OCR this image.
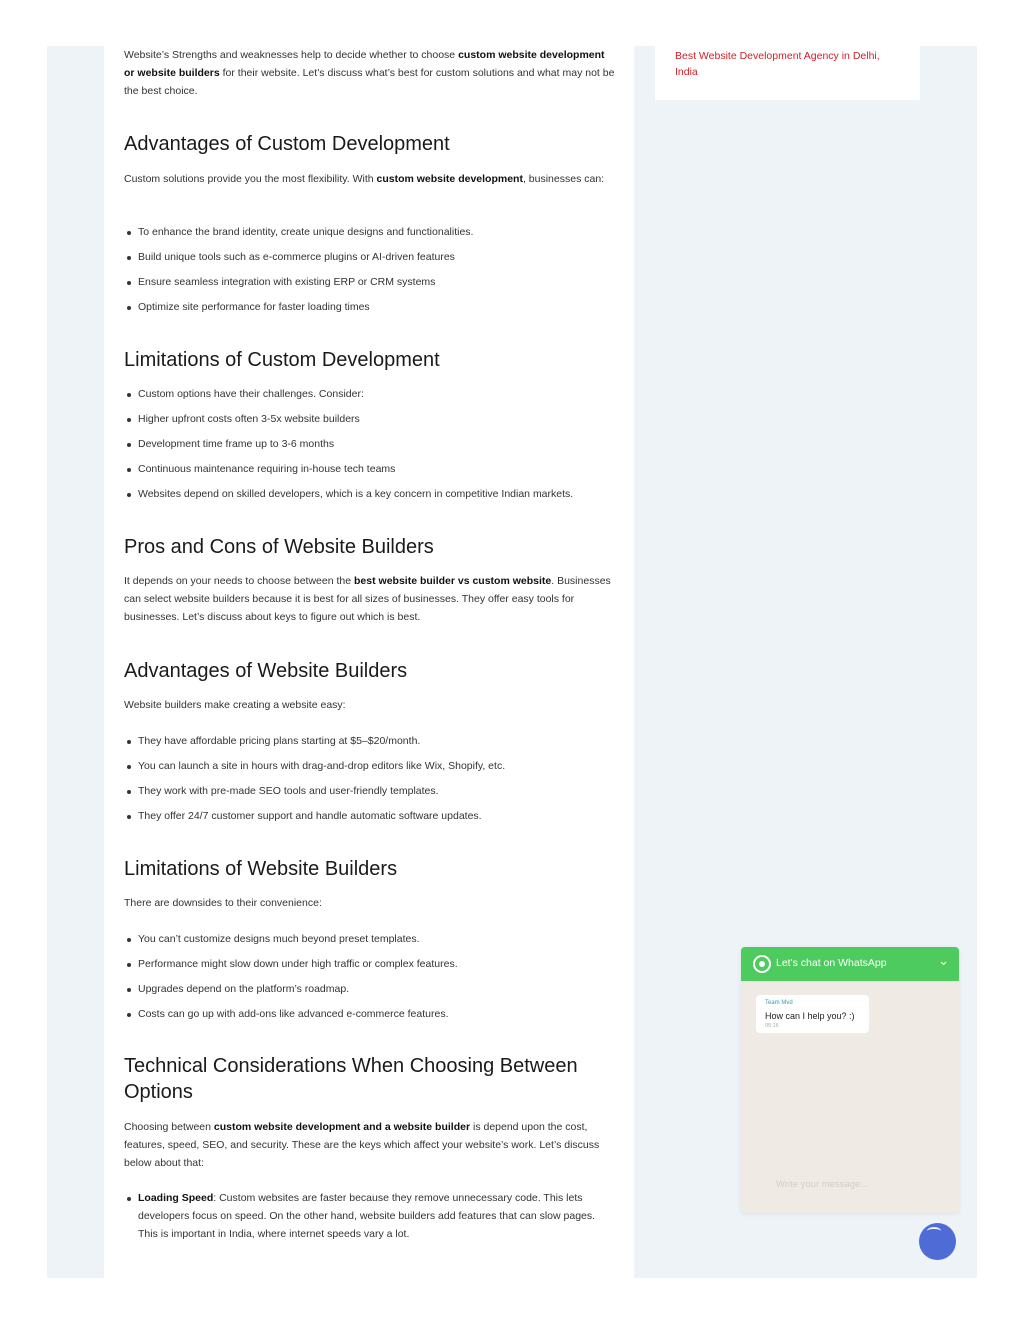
Website’s Strengths and weaknesses help to decide whether to choose custom website development or website builders for their website. Let’s discuss what’s best for custom solutions and what may not be the best choice.

Advantages of Custom Development

Custom solutions provide you the most flexibility. With custom website development, businesses can:

To enhance the brand identity, create unique designs and functionalities.
Build unique tools such as e-commerce plugins or AI-driven features
Ensure seamless integration with existing ERP or CRM systems
Optimize site performance for faster loading times
Limitations of Custom Development
Custom options have their challenges. Consider:
Higher upfront costs often 3-5x website builders
Development time frame up to 3-6 months
Continuous maintenance requiring in-house tech teams
Websites depend on skilled developers, which is a key concern in competitive Indian markets.
Pros and Cons of Website Builders

It depends on your needs to choose between the best website builder vs custom website. Businesses can select website builders because it is best for all sizes of businesses. They offer easy tools for businesses. Let’s discuss about keys to figure out which is best.

Advantages of Website Builders

Website builders make creating a website easy:

They have affordable pricing plans starting at $5–$20/month.
You can launch a site in hours with drag-and-drop editors like Wix, Shopify, etc.
They work with pre-made SEO tools and user-friendly templates.
They offer 24/7 customer support and handle automatic software updates.
Limitations of Website Builders

There are downsides to their convenience:

You can’t customize designs much beyond preset templates.
Performance might slow down under high traffic or complex features.
Upgrades depend on the platform’s roadmap.
Costs can go up with add-ons like advanced e-commerce features.
Technical Considerations When Choosing Between Options

Choosing between custom website development and a website builder is depend upon the cost, features, speed, SEO, and security. These are the keys which affect your website’s work. Let’s discuss below about that:

Loading Speed: Custom websites are faster because they remove unnecessary code. This lets developers focus on speed. On the other hand, website builders add features that can slow pages. This is important in India, where internet speeds vary a lot.
Best Website Development Agency in Delhi, India
Let's chat on WhatsApp	⌄
Team Mvd
How can I help you? :)
05:16
Write your message...
